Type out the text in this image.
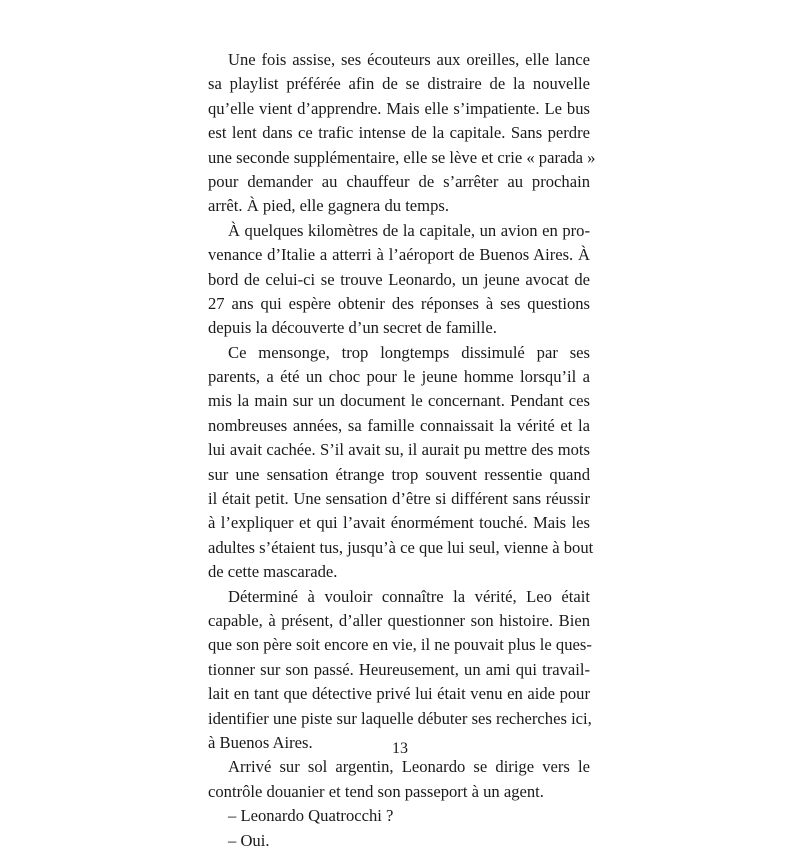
Une fois assise, ses écouteurs aux oreilles, elle lance
sa playlist préférée afin de se distraire de la nouvelle
qu’elle vient d’apprendre. Mais elle s’impatiente. Le bus
est lent dans ce trafic intense de la capitale. Sans perdre
une seconde supplémentaire, elle se lève et crie « parada »
pour demander au chauffeur de s’arrêter au prochain
arrêt. À pied, elle gagnera du temps.
À quelques kilomètres de la capitale, un avion en pro-
venance d’Italie a atterri à l’aéroport de Buenos Aires. À
bord de celui-ci se trouve Leonardo, un jeune avocat de
27 ans qui espère obtenir des réponses à ses questions
depuis la découverte d’un secret de famille.
Ce mensonge, trop longtemps dissimulé par ses
parents, a été un choc pour le jeune homme lorsqu’il a
mis la main sur un document le concernant. Pendant ces
nombreuses années, sa famille connaissait la vérité et la
lui avait cachée. S’il avait su, il aurait pu mettre des mots
sur une sensation étrange trop souvent ressentie quand
il était petit. Une sensation d’être si différent sans réussir
à l’expliquer et qui l’avait énormément touché. Mais les
adultes s’étaient tus, jusqu’à ce que lui seul, vienne à bout
de cette mascarade.
Déterminé à vouloir connaître la vérité, Leo était
capable, à présent, d’aller questionner son histoire. Bien
que son père soit encore en vie, il ne pouvait plus le ques-
tionner sur son passé. Heureusement, un ami qui travail-
lait en tant que détective privé lui était venu en aide pour
identifier une piste sur laquelle débuter ses recherches ici,
à Buenos Aires.
Arrivé sur sol argentin, Leonardo se dirige vers le
contrôle douanier et tend son passeport à un agent.
– Leonardo Quatrocchi ?
– Oui.
13
